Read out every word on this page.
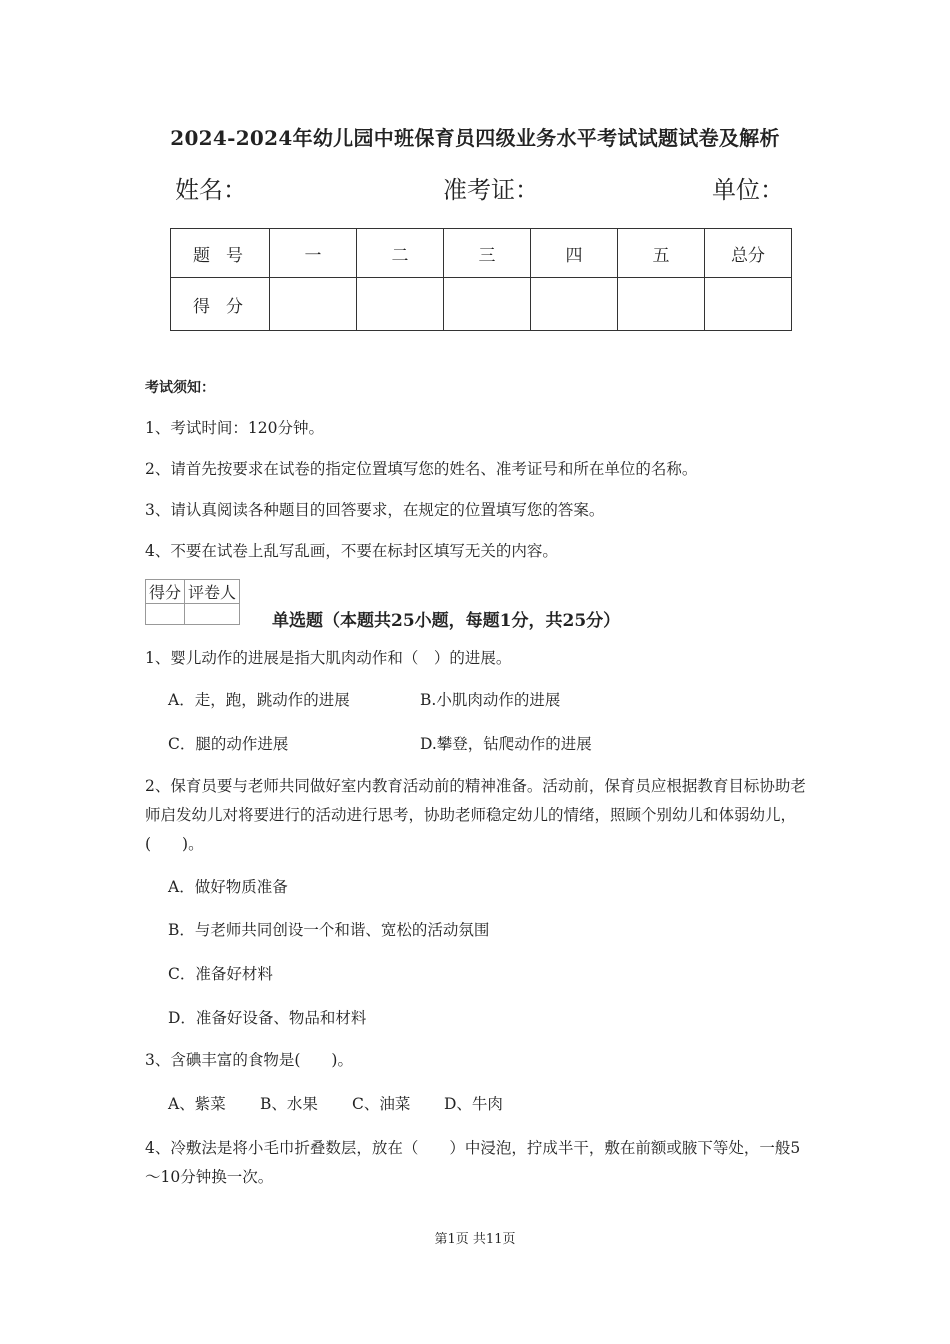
2024-2024年幼儿园中班保育员四级业务水平考试试题试卷及解析
姓名：	准考证：	单位：
题号	一	二	三	四	五	总分
得分						
考试须知：
1、考试时间：120分钟。
2、请首先按要求在试卷的指定位置填写您的姓名、准考证号和所在单位的名称。
3、请认真阅读各种题目的回答要求，在规定的位置填写您的答案。
4、不要在试卷上乱写乱画，不要在标封区填写无关的内容。
得分	评卷人

单选题（本题共25小题，每题1分，共25分）
1、婴儿动作的进展是指大肌肉动作和（　）的进展。
A．走，跑，跳动作的进展	B.小肌肉动作的进展
C．腿的动作进展	D.攀登，钻爬动作的进展
2、保育员要与老师共同做好室内教育活动前的精神准备。活动前，保育员应根据教育目标协助老师启发幼儿对将要进行的活动进行思考，协助老师稳定幼儿的情绪，照顾个别幼儿和体弱幼儿，(　　)。
A．做好物质准备
B．与老师共同创设一个和谐、宽松的活动氛围
C．准备好材料
D．准备好设备、物品和材料
3、含碘丰富的食物是(　　)。
A、紫菜 B、水果 C、油菜 D、牛肉
4、冷敷法是将小毛巾折叠数层，放在（　　）中浸泡，拧成半干，敷在前额或腋下等处，一般5～10分钟换一次。
第1页 共11页
